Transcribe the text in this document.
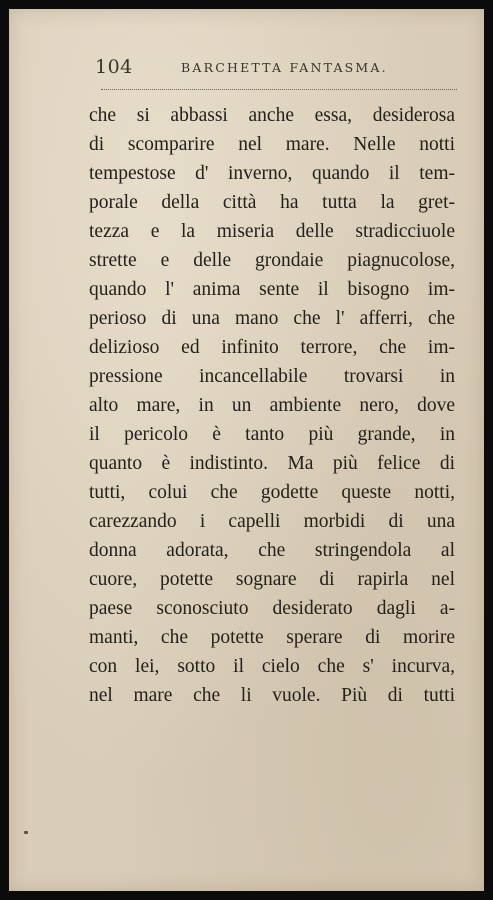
104	BARCHETTA FANTASMA.
che si abbassi anche essa, desiderosa
di scomparire nel mare. Nelle notti
tempestose d' inverno, quando il tem-
porale della città ha tutta la gret-
tezza e la miseria delle stradicciuole
strette e delle grondaie piagnucolose,
quando l' anima sente il bisogno im-
perioso di una mano che l' afferri, che
delizioso ed infinito terrore, che im-
pressione incancellabile trovarsi in
alto mare, in un ambiente nero, dove
il pericolo è tanto più grande, in
quanto è indistinto. Ma più felice di
tutti, colui che godette queste notti,
carezzando i capelli morbidi di una
donna adorata, che stringendola al
cuore, potette sognare di rapirla nel
paese sconosciuto desiderato dagli a-
manti, che potette sperare di morire
con lei, sotto il cielo che s' incurva,
nel mare che li vuole. Più di tutti
